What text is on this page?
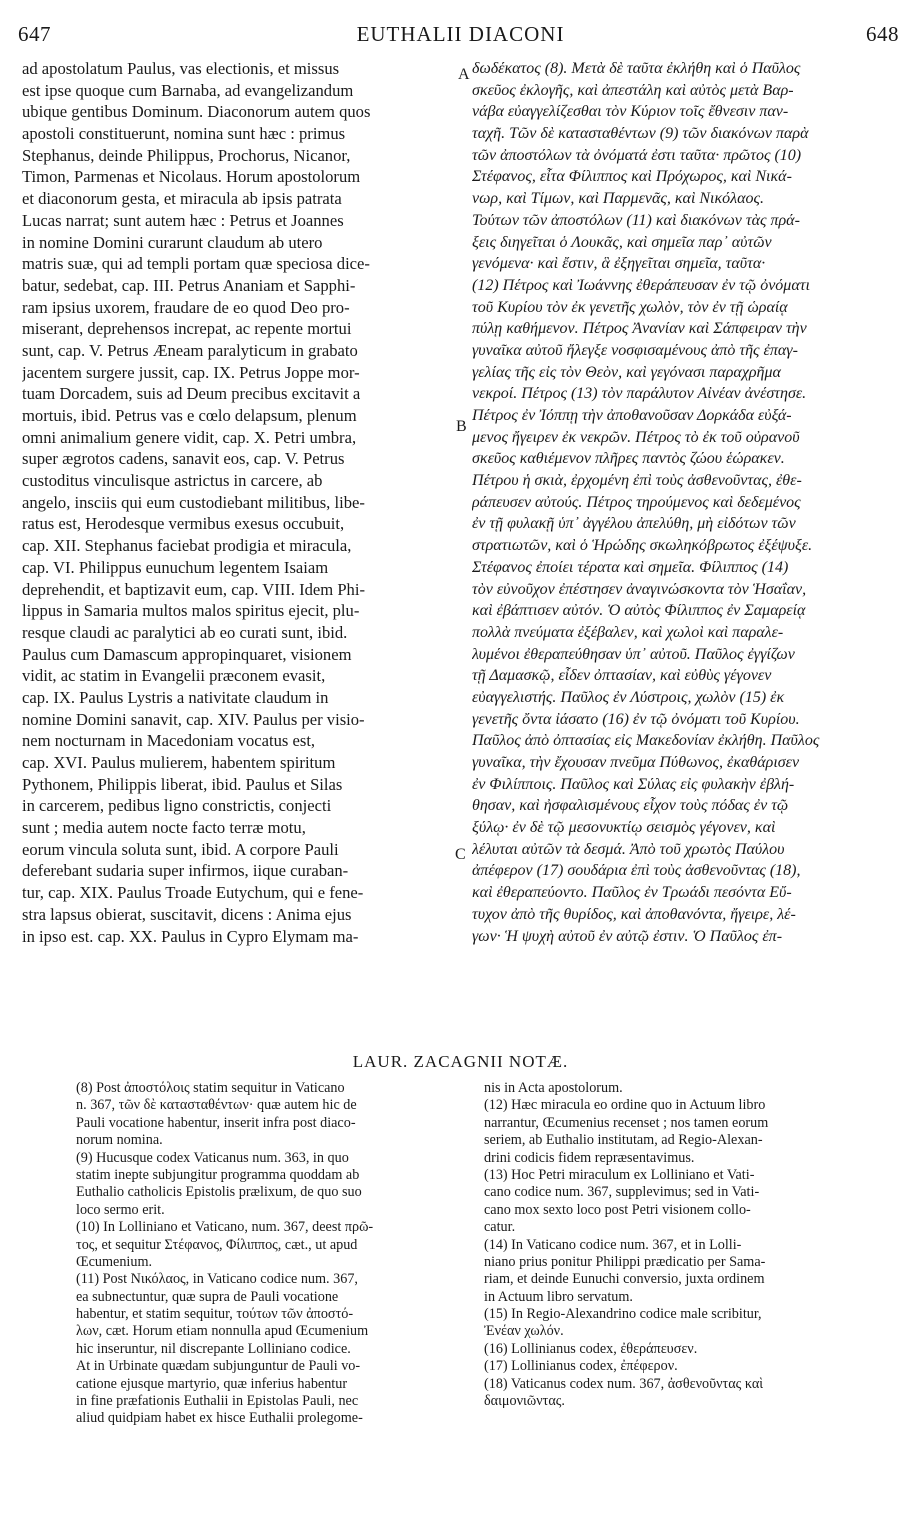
647	EUTHALII DIACONI	648
ad apostolatum Paulus, vas electionis, et missus
est ipse quoque cum Barnaba, ad evangelizandum
ubique gentibus Dominum. Diaconorum autem quos
apostoli constituerunt, nomina sunt hæc : primus
Stephanus, deinde Philippus, Prochorus, Nicanor,
Timon, Parmenas et Nicolaus. Horum apostolorum
et diaconorum gesta, et miracula ab ipsis patrata
Lucas narrat; sunt autem hæc : Petrus et Joannes
in nomine Domini curarunt claudum ab utero
matris suæ, qui ad templi portam quæ speciosa dice-
batur, sedebat, cap. III. Petrus Ananiam et Sapphi-
ram ipsius uxorem, fraudare de eo quod Deo pro-
miserant, deprehensos increpat, ac repente mortui
sunt, cap. V. Petrus Æneam paralyticum in grabato
jacentem surgere jussit, cap. IX. Petrus Joppe mor-
tuam Dorcadem, suis ad Deum precibus excitavit a
mortuis, ibid. Petrus vas e cœlo delapsum, plenum
omni animalium genere vidit, cap. X. Petri umbra,
super ægrotos cadens, sanavit eos, cap. V. Petrus
custoditus vinculisque astrictus in carcere, ab
angelo, insciis qui eum custodiebant militibus, libe-
ratus est, Herodesque vermibus exesus occubuit,
cap. XII. Stephanus faciebat prodigia et miracula,
cap. VI. Philippus eunuchum legentem Isaiam
deprehendit, et baptizavit eum, cap. VIII. Idem Phi-
lippus in Samaria multos malos spiritus ejecit, plu-
resque claudi ac paralytici ab eo curati sunt, ibid.
Paulus cum Damascum appropinquaret, visionem
vidit, ac statim in Evangelii præconem evasit,
cap. IX. Paulus Lystris a nativitate claudum in
nomine Domini sanavit, cap. XIV. Paulus per visio-
nem nocturnam in Macedoniam vocatus est,
cap. XVI. Paulus mulierem, habentem spiritum
Pythonem, Philippis liberat, ibid. Paulus et Silas
in carcerem, pedibus ligno constrictis, conjecti
sunt ; media autem nocte facto terræ motu,
eorum vincula soluta sunt, ibid. A corpore Pauli
deferebant sudaria super infirmos, iique curaban-
tur, cap. XIX. Paulus Troade Eutychum, qui e fene-
stra lapsus obierat, suscitavit, dicens : Anima ejus
in ipso est. cap. XX. Paulus in Cypro Elymam ma-
A
B
C
δωδέκατος (8). Μετὰ δὲ ταῦτα ἐκλήθη καὶ ὁ Παῦλος
σκεῦος ἐκλογῆς, καὶ ἀπεστάλη καὶ αὐτὸς μετὰ Βαρ-
νάβα εὐαγγελίζεσθαι τὸν Κύριον τοῖς ἔθνεσιν παν-
ταχῆ. Τῶν δὲ κατασταθέντων (9) τῶν διακόνων παρὰ
τῶν ἀποστόλων τὰ ὀνόματά ἐστι ταῦτα· πρῶτος (10)
Στέφανος, εἶτα Φίλιππος καὶ Πρόχωρος, καὶ Νικά-
νωρ, καὶ Τίμων, καὶ Παρμενᾶς, καὶ Νικόλαος.
Τούτων τῶν ἀποστόλων (11) καὶ διακόνων τὰς πρά-
ξεις διηγεῖται ὁ Λουκᾶς, καὶ σημεῖα παρ᾽ αὐτῶν
γενόμενα· καὶ ἔστιν, ἃ ἐξηγεῖται σημεῖα, ταῦτα·
(12) Πέτρος καὶ Ἰωάννης ἐθεράπευσαν ἐν τῷ ὀνόματι
τοῦ Κυρίου τὸν ἐκ γενετῆς χωλὸν, τὸν ἐν τῇ ὡραίᾳ
πύλῃ καθήμενον. Πέτρος Ἀνανίαν καὶ Σάπφειραν τὴν
γυναῖκα αὐτοῦ ἤλεγξε νοσφισαμένους ἀπὸ τῆς ἐπαγ-
γελίας τῆς εἰς τὸν Θεὸν, καὶ γεγόνασι παραχρῆμα
νεκροί. Πέτρος (13) τὸν παράλυτον Αἰνέαν ἀνέστησε.
Πέτρος ἐν Ἰόππῃ τὴν ἀποθανοῦσαν Δορκάδα εὐξά-
μενος ἤγειρεν ἐκ νεκρῶν. Πέτρος τὸ ἐκ τοῦ οὐρανοῦ
σκεῦος καθιέμενον πλῆρες παντὸς ζώου ἑώρακεν.
Πέτρου ἡ σκιὰ, ἐρχομένη ἐπὶ τοὺς ἀσθενοῦντας, ἐθε-
ράπευσεν αὐτούς. Πέτρος τηρούμενος καὶ δεδεμένος
ἐν τῇ φυλακῇ ὑπ᾽ ἀγγέλου ἀπελύθη, μὴ εἰδότων τῶν
στρατιωτῶν, καὶ ὁ Ἡρώδης σκωληκόβρωτος ἐξέψυξε.
Στέφανος ἐποίει τέρατα καὶ σημεῖα. Φίλιππος (14)
τὸν εὐνοῦχον ἐπέστησεν ἀναγινώσκοντα τὸν Ἡσαΐαν,
καὶ ἐβάπτισεν αὐτόν. Ὁ αὐτὸς Φίλιππος ἐν Σαμαρείᾳ
πολλὰ πνεύματα ἐξέβαλεν, καὶ χωλοὶ καὶ παραλε-
λυμένοι ἐθεραπεύθησαν ὑπ᾽ αὐτοῦ. Παῦλος ἐγγίζων
τῇ Δαμασκῷ, εἶδεν ὀπτασίαν, καὶ εὐθὺς γέγονεν
εὐαγγελιστής. Παῦλος ἐν Λύστροις, χωλὸν (15) ἐκ
γενετῆς ὄντα ἰάσατο (16) ἐν τῷ ὀνόματι τοῦ Κυρίου.
Παῦλος ἀπὸ ὀπτασίας εἰς Μακεδονίαν ἐκλήθη. Παῦλος
γυναῖκα, τὴν ἔχουσαν πνεῦμα Πύθωνος, ἐκαθάρισεν
ἐν Φιλίπποις. Παῦλος καὶ Σύλας εἰς φυλακὴν ἐβλή-
θησαν, καὶ ἠσφαλισμένους εἶχον τοὺς πόδας ἐν τῷ
ξύλῳ· ἐν δὲ τῷ μεσονυκτίῳ σεισμὸς γέγονεν, καὶ
λέλυται αὐτῶν τὰ δεσμά. Ἀπὸ τοῦ χρωτὸς Παύλου
ἀπέφερον (17) σουδάρια ἐπὶ τοὺς ἀσθενοῦντας (18),
καὶ ἐθεραπεύοντο. Παῦλος ἐν Τρωάδι πεσόντα Εὔ-
τυχον ἀπὸ τῆς θυρίδος, καὶ ἀποθανόντα, ἤγειρε, λέ-
γων· Ἡ ψυχὴ αὐτοῦ ἐν αὐτῷ ἐστιν. Ὁ Παῦλος ἐπ-
LAUR. ZACAGNII NOTÆ.
(8) Post ἀποστόλοις statim sequitur in Vaticano
n. 367, τῶν δὲ κατασταθέντων· quæ autem hic de
Pauli vocatione habentur, inserit infra post diaco-
norum nomina.
(9) Hucusque codex Vaticanus num. 363, in quo
statim inepte subjungitur programma quoddam ab
Euthalio catholicis Epistolis prælixum, de quo suo
loco sermo erit.
(10) In Lolliniano et Vaticano, num. 367, deest πρῶ-
τος, et sequitur Στέφανος, Φίλιππος, cæt., ut apud
Œcumenium.
(11) Post Νικόλαος, in Vaticano codice num. 367,
ea subnectuntur, quæ supra de Pauli vocatione
habentur, et statim sequitur, τούτων τῶν ἀποστό-
λων, cæt. Horum etiam nonnulla apud Œcumenium
hic inseruntur, nil discrepante Lolliniano codice.
At in Urbinate quædam subjunguntur de Pauli vo-
catione ejusque martyrio, quæ inferius habentur
in fine præfationis Euthalii in Epistolas Pauli, nec
aliud quidpiam habet ex hisce Euthalii prolegome-
nis in Acta apostolorum.
(12) Hæc miracula eo ordine quo in Actuum libro
narrantur, Œcumenius recenset ; nos tamen eorum
seriem, ab Euthalio institutam, ad Regio-Alexan-
drini codicis fidem repræsentavimus.
(13) Hoc Petri miraculum ex Lolliniano et Vati-
cano codice num. 367, supplevimus; sed in Vati-
cano mox sexto loco post Petri visionem collo-
catur.
(14) In Vaticano codice num. 367, et in Lolli-
niano prius ponitur Philippi prædicatio per Sama-
riam, et deinde Eunuchi conversio, juxta ordinem
in Actuum libro servatum.
(15) In Regio-Alexandrino codice male scribitur,
Ἐνέαν χωλόν.
(16) Lollinianus codex, ἐθεράπευσεν.
(17) Lollinianus codex, ἐπέφερον.
(18) Vaticanus codex num. 367, ἀσθενοῦντας καὶ
δαιμονιῶντας.
